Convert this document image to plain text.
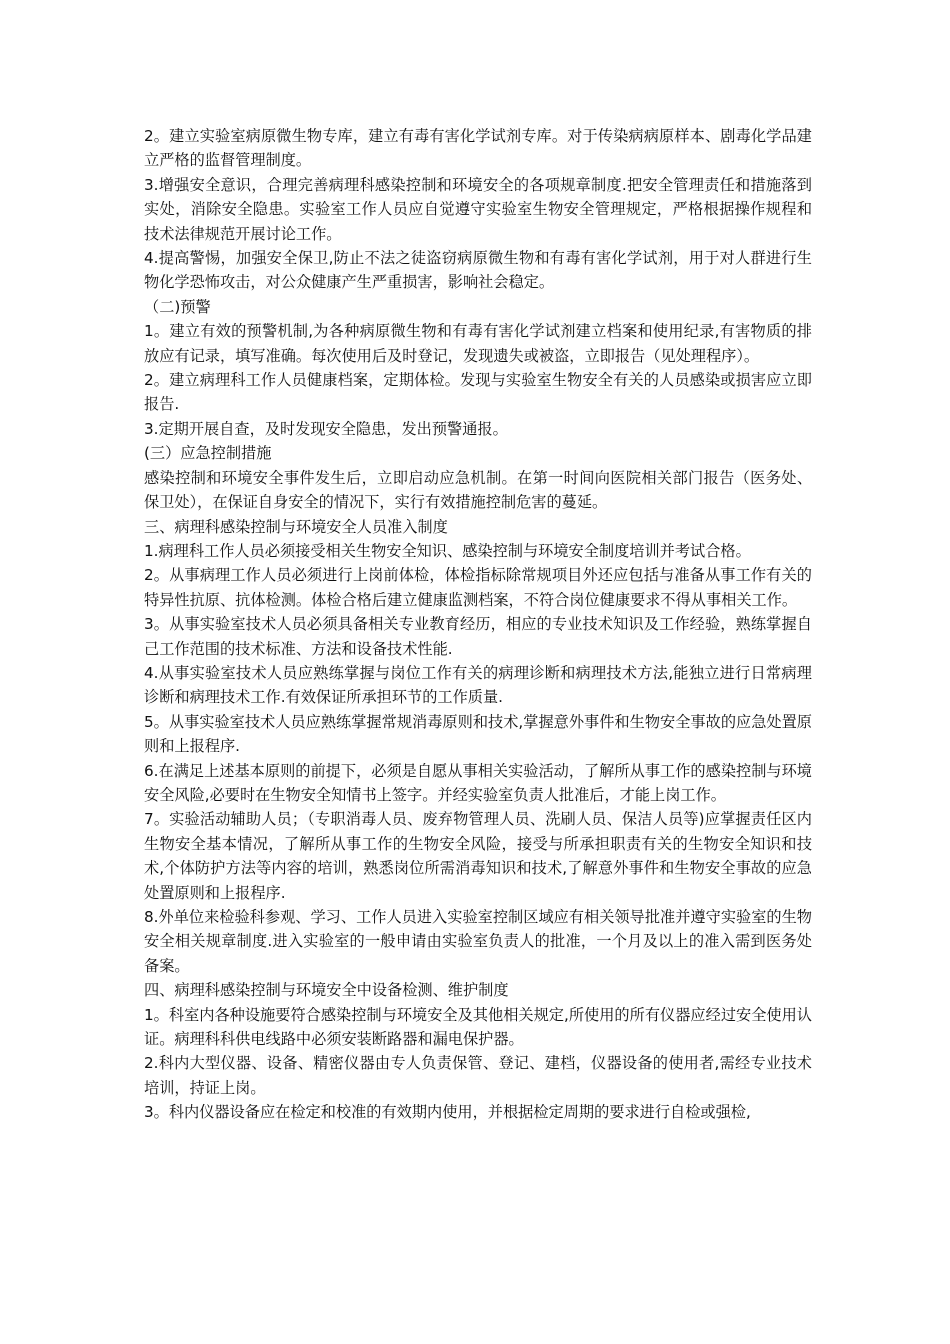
2。建立实验室病原微生物专库，建立有毒有害化学试剂专库。对于传染病病原样本、剧毒化学品建立严格的监督管理制度。

3.增强安全意识，合理完善病理科感染控制和环境安全的各项规章制度.把安全管理责任和措施落到实处，消除安全隐患。实验室工作人员应自觉遵守实验室生物安全管理规定，严格根据操作规程和技术法律规范开展讨论工作。

4.提高警惕，加强安全保卫,防止不法之徒盗窃病原微生物和有毒有害化学试剂，用于对人群进行生物化学恐怖攻击，对公众健康产生严重损害，影响社会稳定。

（二)预警

1。建立有效的预警机制,为各种病原微生物和有毒有害化学试剂建立档案和使用纪录,有害物质的排放应有记录，填写准确。每次使用后及时登记，发现遗失或被盗，立即报告（见处理程序）。

2。建立病理科工作人员健康档案，定期体检。发现与实验室生物安全有关的人员感染或损害应立即报告.

3.定期开展自查，及时发现安全隐患，发出预警通报。

(三）应急控制措施

感染控制和环境安全事件发生后，立即启动应急机制。在第一时间向医院相关部门报告（医务处、保卫处），在保证自身安全的情况下，实行有效措施控制危害的蔓延。

三、病理科感染控制与环境安全人员准入制度

1.病理科工作人员必须接受相关生物安全知识、感染控制与环境安全制度培训并考试合格。

2。从事病理工作人员必须进行上岗前体检，体检指标除常规项目外还应包括与准备从事工作有关的特异性抗原、抗体检测。体检合格后建立健康监测档案，不符合岗位健康要求不得从事相关工作。

3。从事实验室技术人员必须具备相关专业教育经历，相应的专业技术知识及工作经验，熟练掌握自己工作范围的技术标准、方法和设备技术性能.

4.从事实验室技术人员应熟练掌握与岗位工作有关的病理诊断和病理技术方法,能独立进行日常病理诊断和病理技术工作.有效保证所承担环节的工作质量.

5。从事实验室技术人员应熟练掌握常规消毒原则和技术,掌握意外事件和生物安全事故的应急处置原则和上报程序.

6.在满足上述基本原则的前提下，必须是自愿从事相关实验活动，了解所从事工作的感染控制与环境安全风险,必要时在生物安全知情书上签字。并经实验室负责人批准后，才能上岗工作。

7。实验活动辅助人员；（专职消毒人员、废弃物管理人员、洗刷人员、保洁人员等)应掌握责任区内生物安全基本情况，了解所从事工作的生物安全风险，接受与所承担职责有关的生物安全知识和技术,个体防护方法等内容的培训，熟悉岗位所需消毒知识和技术,了解意外事件和生物安全事故的应急处置原则和上报程序.

8.外单位来检验科参观、学习、工作人员进入实验室控制区域应有相关领导批准并遵守实验室的生物安全相关规章制度.进入实验室的一般申请由实验室负责人的批准，一个月及以上的准入需到医务处备案。

四、病理科感染控制与环境安全中设备检测、维护制度

1。科室内各种设施要符合感染控制与环境安全及其他相关规定,所使用的所有仪器应经过安全使用认证。病理科科供电线路中必须安装断路器和漏电保护器。

2.科内大型仪器、设备、精密仪器由专人负责保管、登记、建档，仪器设备的使用者,需经专业技术培训，持证上岗。

3。科内仪器设备应在检定和校准的有效期内使用，并根据检定周期的要求进行自检或强检,
